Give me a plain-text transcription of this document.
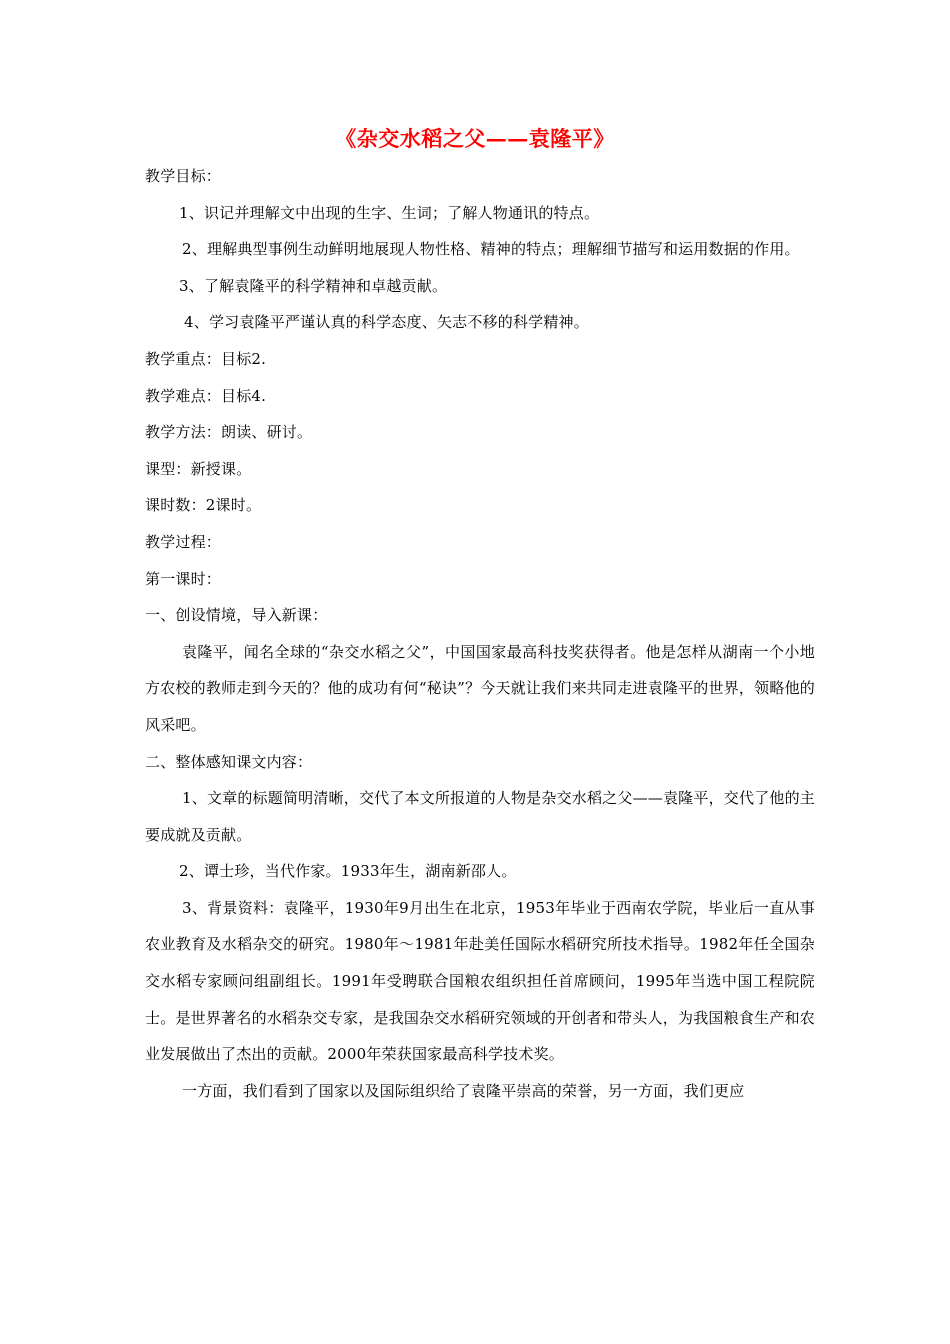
《杂交水稻之父——袁隆平》

教学目标：

1、识记并理解文中出现的生字、生词；了解人物通讯的特点。

2、理解典型事例生动鲜明地展现人物性格、精神的特点；理解细节描写和运用数据的作用。

3、了解袁隆平的科学精神和卓越贡献。

4、学习袁隆平严谨认真的科学态度、矢志不移的科学精神。

教学重点：目标2.

教学难点：目标4.

教学方法：朗读、研讨。

课型：新授课。

课时数：2课时。

教学过程：

第一课时：

一、创设情境，导入新课：

袁隆平，闻名全球的“杂交水稻之父”，中国国家最高科技奖获得者。他是怎样从湖南一个小地方农校的教师走到今天的？他的成功有何“秘诀”？今天就让我们来共同走进袁隆平的世界，领略他的风采吧。

二、整体感知课文内容：

1、文章的标题简明清晰，交代了本文所报道的人物是杂交水稻之父——袁隆平，交代了他的主要成就及贡献。

2、谭士珍，当代作家。1933年生，湖南新邵人。

3、背景资料：袁隆平，1930年9月出生在北京，1953年毕业于西南农学院，毕业后一直从事农业教育及水稻杂交的研究。1980年～1981年赴美任国际水稻研究所技术指导。1982年任全国杂交水稻专家顾问组副组长。1991年受聘联合国粮农组织担任首席顾问，1995年当选中国工程院院士。是世界著名的水稻杂交专家，是我国杂交水稻研究领域的开创者和带头人，为我国粮食生产和农业发展做出了杰出的贡献。2000年荣获国家最高科学技术奖。

一方面，我们看到了国家以及国际组织给了袁隆平崇高的荣誉，另一方面，我们更应
